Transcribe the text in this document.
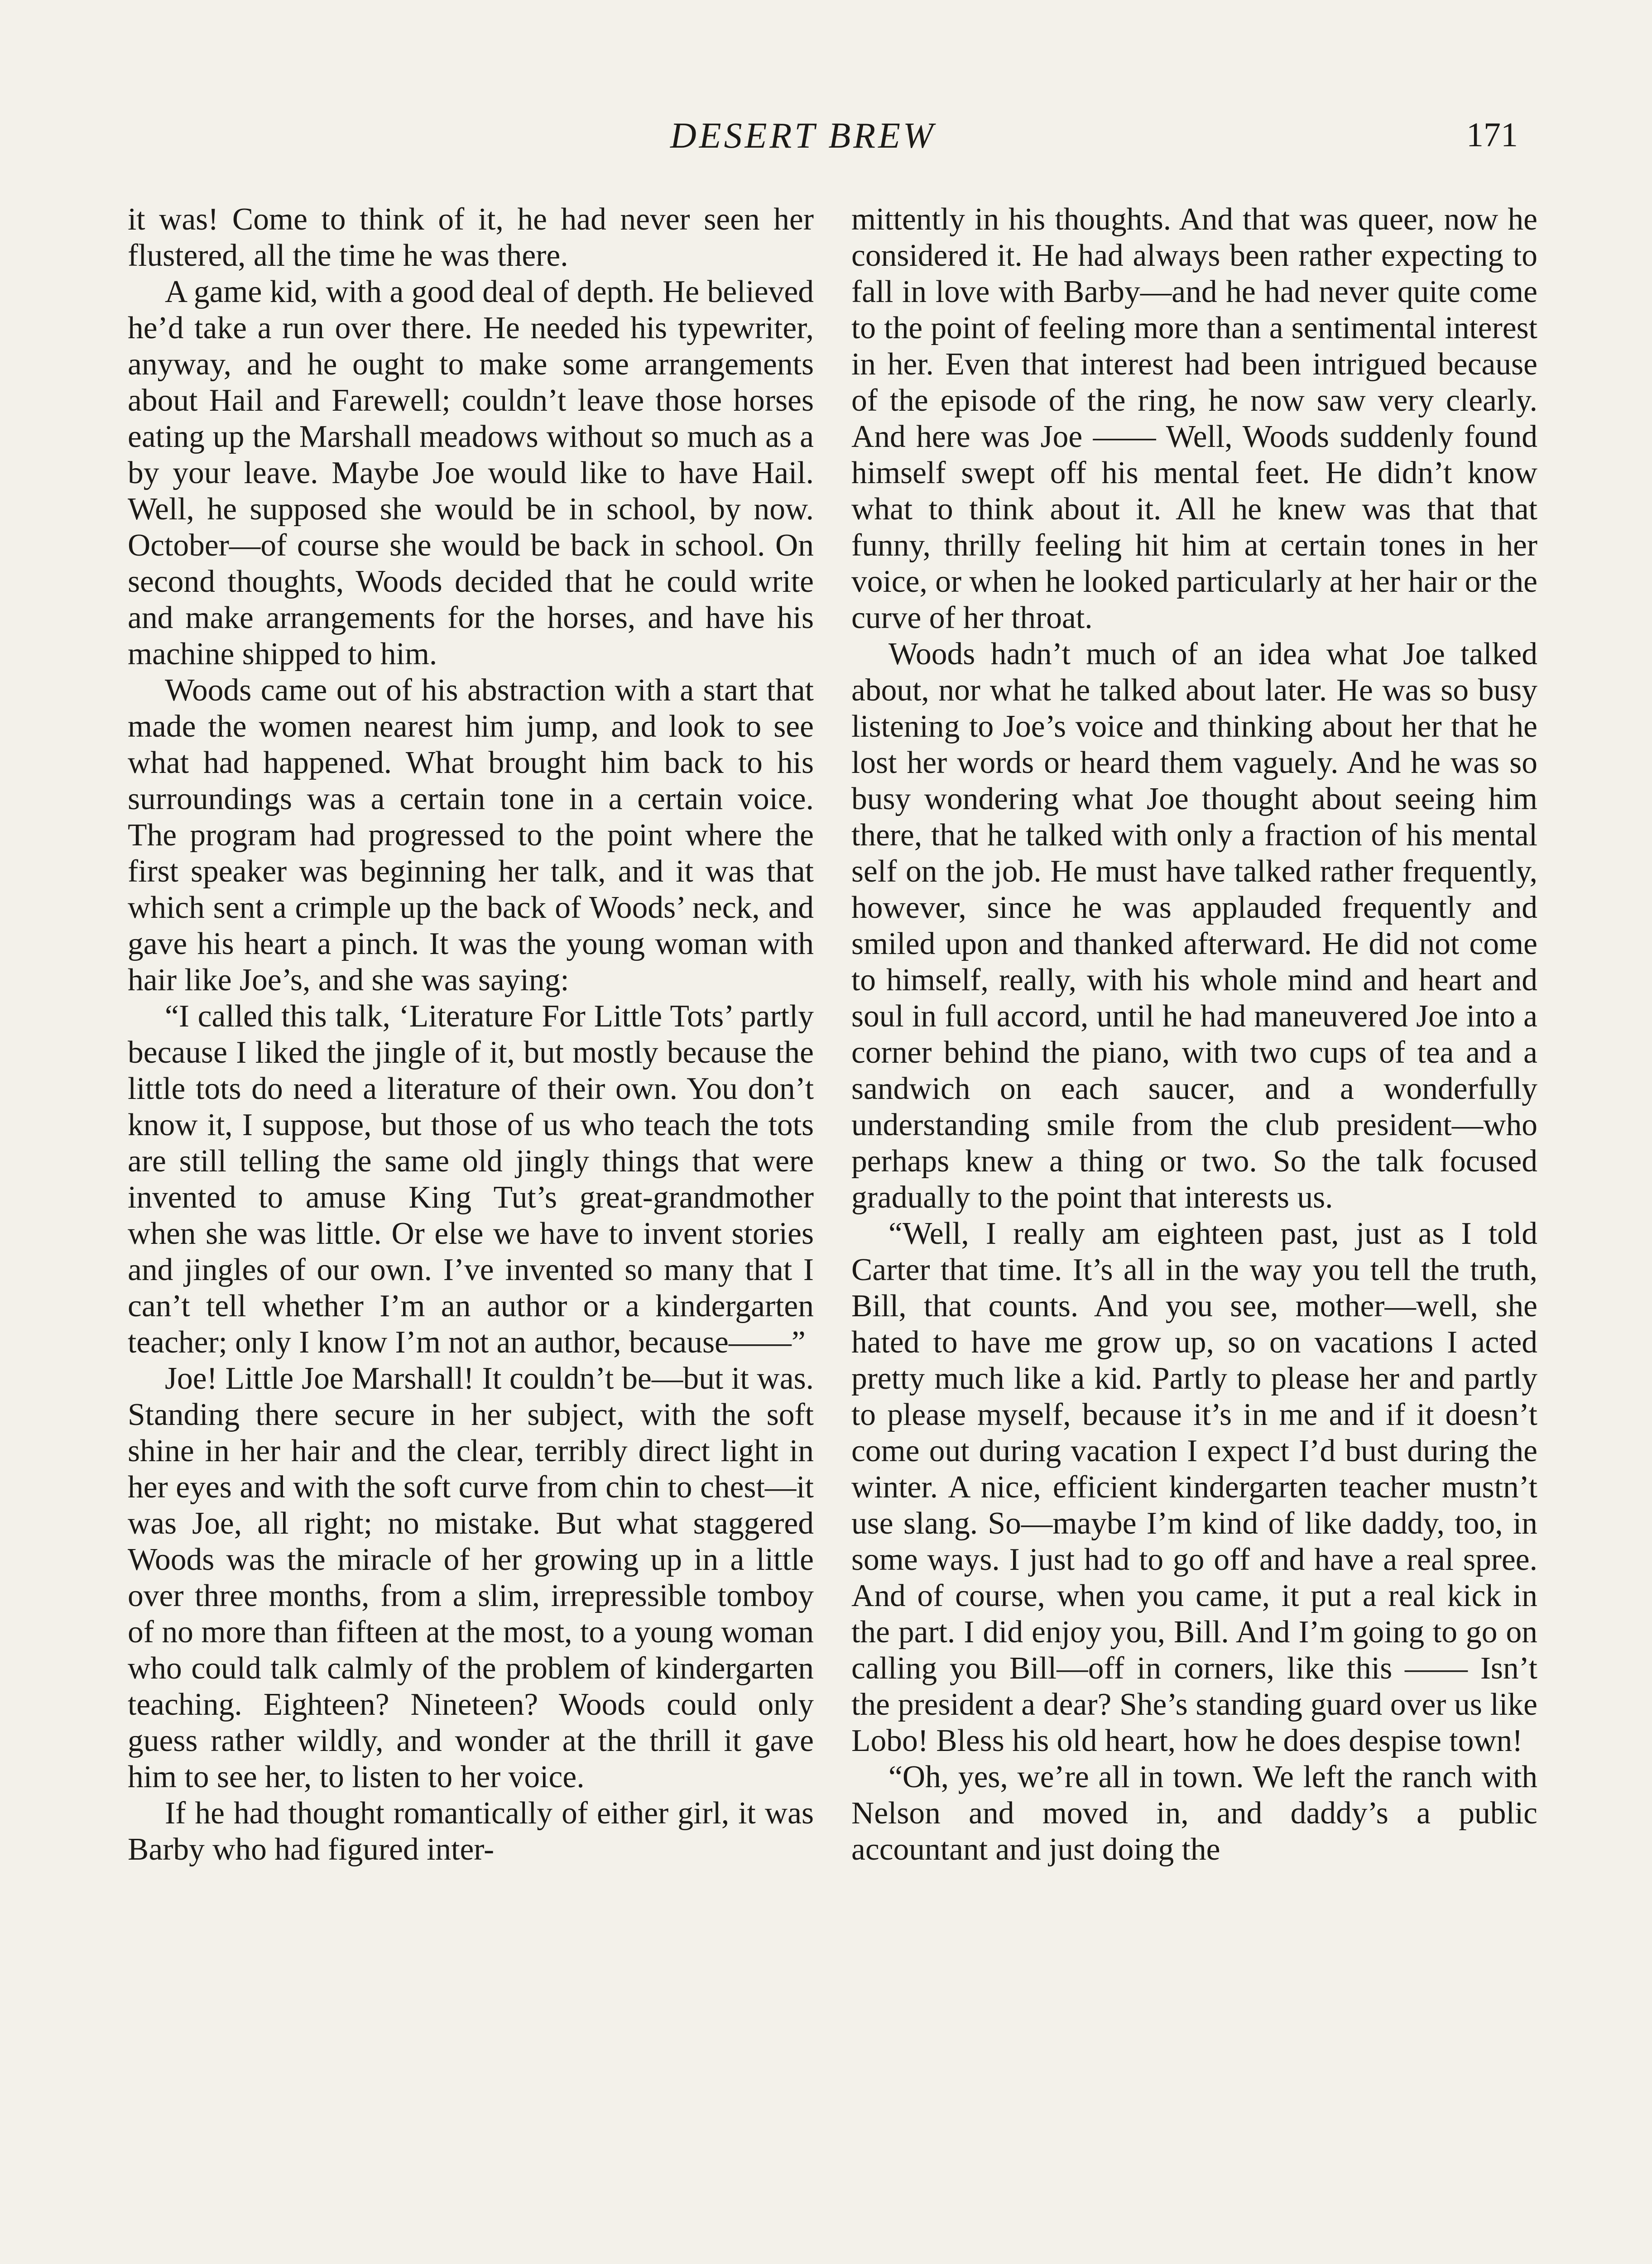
DESERT BREW	171

it was! Come to think of it, he had never seen her flustered, all the time he was there.

A game kid, with a good deal of depth. He believed he’d take a run over there. He needed his typewriter, anyway, and he ought to make some arrangements about Hail and Farewell; couldn’t leave those horses eating up the Marshall meadows without so much as a by your leave. Maybe Joe would like to have Hail. Well, he supposed she would be in school, by now. October—of course she would be back in school. On second thoughts, Woods decided that he could write and make arrangements for the horses, and have his machine shipped to him.

Woods came out of his abstraction with a start that made the women nearest him jump, and look to see what had happened. What brought him back to his surroundings was a certain tone in a certain voice. The program had progressed to the point where the first speaker was beginning her talk, and it was that which sent a crimple up the back of Woods’ neck, and gave his heart a pinch. It was the young woman with hair like Joe’s, and she was saying:

“I called this talk, ‘Literature For Little Tots’ partly because I liked the jingle of it, but mostly because the little tots do need a literature of their own. You don’t know it, I suppose, but those of us who teach the tots are still telling the same old jingly things that were invented to amuse King Tut’s great-grandmother when she was little. Or else we have to invent stories and jingles of our own. I’ve invented so many that I can’t tell whether I’m an author or a kindergarten teacher; only I know I’m not an author, because——”

Joe! Little Joe Marshall! It couldn’t be—but it was. Standing there secure in her subject, with the soft shine in her hair and the clear, terribly direct light in her eyes and with the soft curve from chin to chest—it was Joe, all right; no mistake. But what staggered Woods was the miracle of her growing up in a little over three months, from a slim, irrepressible tomboy of no more than fifteen at the most, to a young woman who could talk calmly of the problem of kindergarten teaching. Eighteen? Nineteen? Woods could only guess rather wildly, and wonder at the thrill it gave him to see her, to listen to her voice.

If he had thought romantically of either girl, it was Barby who had figured inter-

mittently in his thoughts. And that was queer, now he considered it. He had always been rather expecting to fall in love with Barby—and he had never quite come to the point of feeling more than a sentimental interest in her. Even that interest had been intrigued because of the episode of the ring, he now saw very clearly. And here was Joe —— Well, Woods suddenly found himself swept off his mental feet. He didn’t know what to think about it. All he knew was that that funny, thrilly feeling hit him at certain tones in her voice, or when he looked particularly at her hair or the curve of her throat.

Woods hadn’t much of an idea what Joe talked about, nor what he talked about later. He was so busy listening to Joe’s voice and thinking about her that he lost her words or heard them vaguely. And he was so busy wondering what Joe thought about seeing him there, that he talked with only a fraction of his mental self on the job. He must have talked rather frequently, however, since he was applauded frequently and smiled upon and thanked afterward. He did not come to himself, really, with his whole mind and heart and soul in full accord, until he had maneuvered Joe into a corner behind the piano, with two cups of tea and a sandwich on each saucer, and a wonderfully understanding smile from the club president—who perhaps knew a thing or two. So the talk focused gradually to the point that interests us.

“Well, I really am eighteen past, just as I told Carter that time. It’s all in the way you tell the truth, Bill, that counts. And you see, mother—well, she hated to have me grow up, so on vacations I acted pretty much like a kid. Partly to please her and partly to please myself, because it’s in me and if it doesn’t come out during vacation I expect I’d bust during the winter. A nice, efficient kindergarten teacher mustn’t use slang. So—maybe I’m kind of like daddy, too, in some ways. I just had to go off and have a real spree. And of course, when you came, it put a real kick in the part. I did enjoy you, Bill. And I’m going to go on calling you Bill—off in corners, like this —— Isn’t the president a dear? She’s standing guard over us like Lobo! Bless his old heart, how he does despise town!

“Oh, yes, we’re all in town. We left the ranch with Nelson and moved in, and daddy’s a public accountant and just doing the
